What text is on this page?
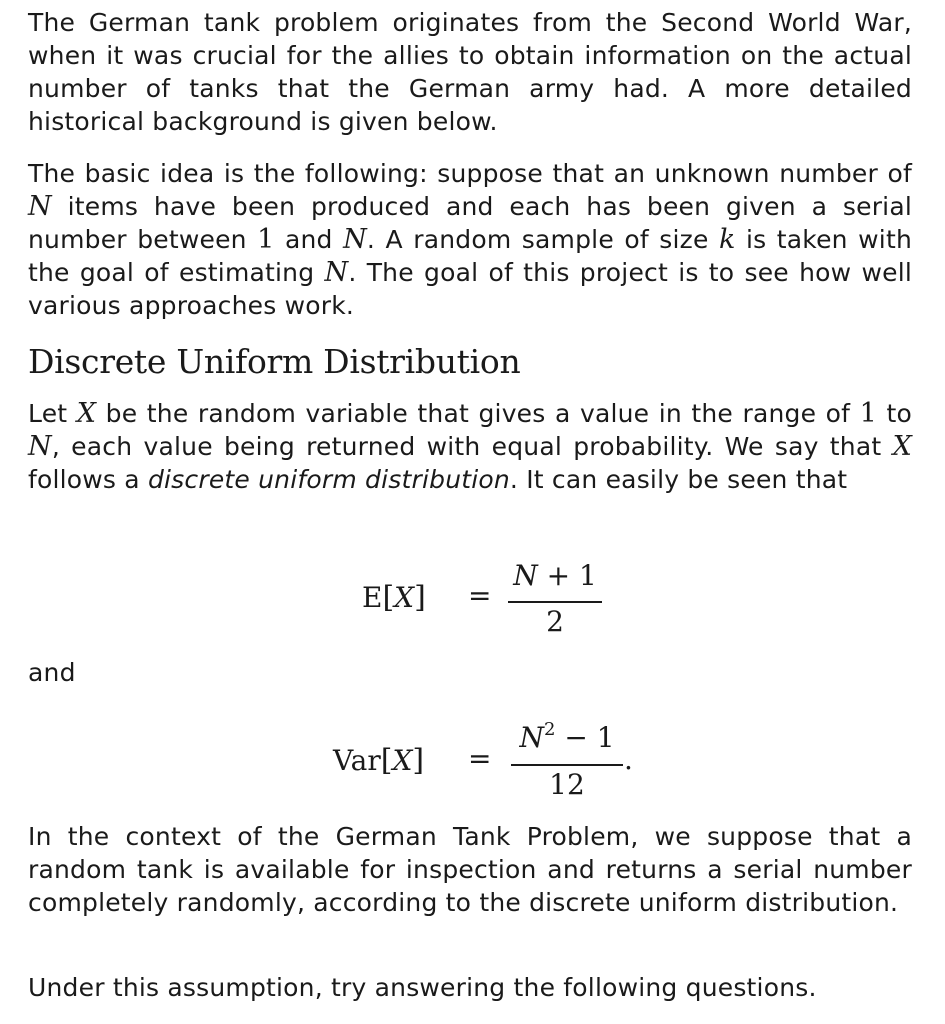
The German tank problem originates from the Second World War, when it was crucial for the allies to obtain information on the actual number of tanks that the German army had. A more detailed historical background is given below.

The basic idea is the following: suppose that an unknown number of N items have been produced and each has been given a serial number between 1 and N. A random sample of size k is taken with the goal of estimating N. The goal of this project is to see how well various approaches work.

Discrete Uniform Distribution

Let X be the random variable that gives a value in the range of 1 to N, each value being returned with equal probability. We say that X follows a discrete uniform distribution. It can easily be seen that

E[X] =
N + 1
2

and

Var[X] =
$N^2 - 1$
12
.

In the context of the German Tank Problem, we suppose that a random tank is available for inspection and returns a serial number completely randomly, according to the discrete uniform distribution.

Under this assumption, try answering the following questions.
